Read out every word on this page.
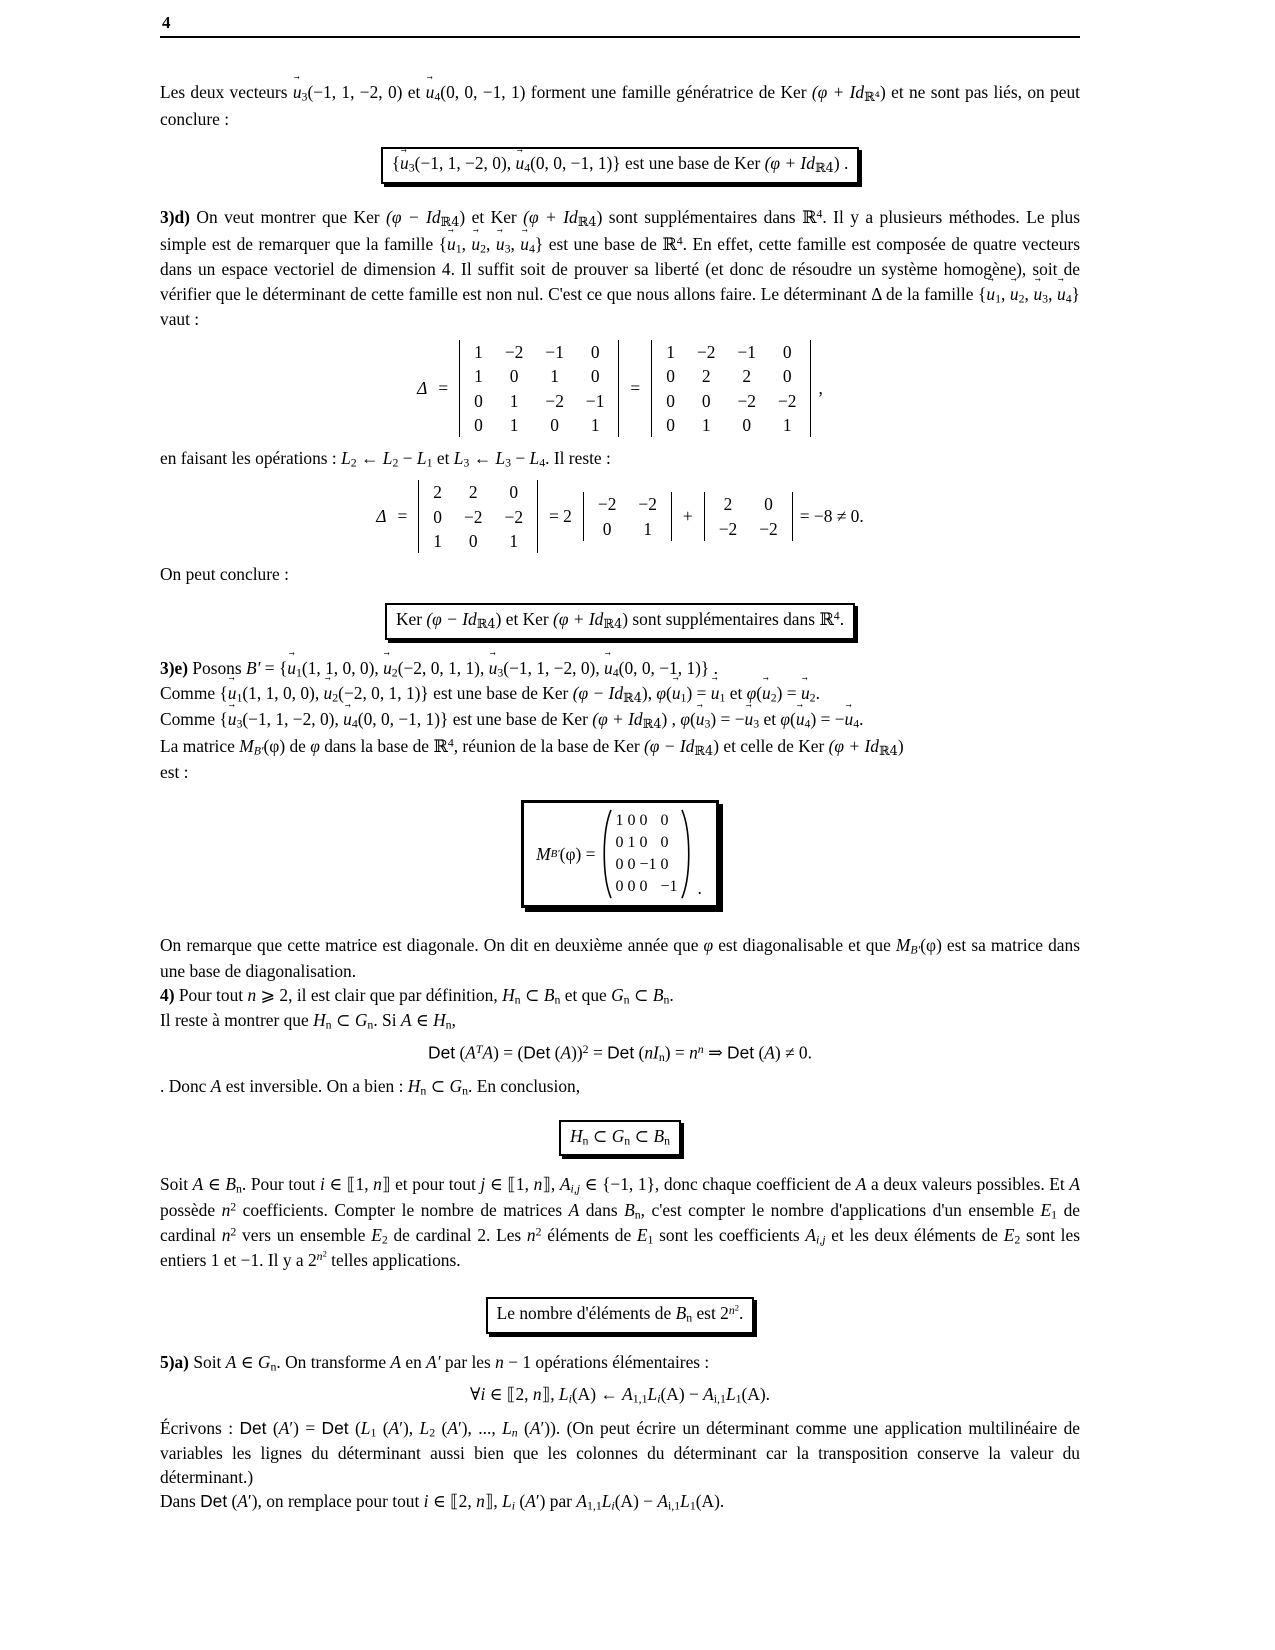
4

Les deux vecteurs → $u_3(-1$, 1, −2, 0) et → $u_4(0$, 0, −1, 1) forment une famille génératrice de Ker $(\varphi + Id_{ℝ^4})$ et ne sont pas liés, on peut conclure :

{→ $u_3(-1$, 1, −2, 0), → $u_4(0$, 0, −1, 1)} est une base de Ker $(\varphi + Id_{ℝ4})$ .

3)d) On veut montrer que Ker $(\varphi - Id_{ℝ4})$ et Ker $(\varphi + Id_{ℝ4})$ sont supplémentaires dans ℝ$^4$. Il y a plusieurs méthodes. Le plus simple est de remarquer que la famille {→ $u_1$, → $u_2$, → $u_3$, → $u_4$} est une base de ℝ$^4$. En effet, cette famille est composée de quatre vecteurs dans un espace vectoriel de dimension 4. Il suffit soit de prouver sa liberté (et donc de résoudre un système homogène), soit de vérifier que le déterminant de cette famille est non nul. C'est ce que nous allons faire. Le déterminant Δ de la famille {→ $u_1$, → $u_2$, → $u_3$, → $u_4$} vaut :

Δ =
1	−2	−1	0
1	0	1	0
0	1	−2	−1
0	1	0	1
=
1	−2	−1	0
0	2	2	0
0	0	−2	−2
0	1	0	1
,

en faisant les opérations : $L_2$ ← $L_2 - L_1$ et $L_3$ ← $L_3 - L_4$. Il reste :

Δ =
2	2	0
0	−2	−2
1	0	1
= 2
−2	−2
0	1
+
2	0
−2	−2
= −8 ≠ 0.

On peut conclure :

Ker $(\varphi - Id_{ℝ4})$ et Ker $(\varphi + Id_{ℝ4})$ sont supplémentaires dans ℝ$^4$.

3)e) Posons B′ = {→ $u_1(1$, 1, 0, 0), → $u_2(-2$, 0, 1, 1), → $u_3(-1$, 1, −2, 0), → $u_4(0$, 0, −1, 1)} .

Comme {→ $u_1(1$, 1, 0, 0), → $u_2(-2$, 0, 1, 1)} est une base de Ker $(\varphi - Id_{ℝ4})$, $\varphi(\to u_1)$ = → $u_1$ et $\varphi(\to u_2)$ = → $u_2$.

Comme {→ $u_3(-1$, 1, −2, 0), → $u_4(0$, 0, −1, 1)} est une base de Ker $(\varphi + Id_{ℝ4})$ , $\varphi(\to u_3)$ = −→ $u_3$ et $\varphi(\to u_4)$ = −→ $u_4$.

La matrice $M_{B'}(\varphi)$ de φ dans la base de ℝ$^4$, réunion de la base de Ker $(\varphi - Id_{ℝ4})$ et celle de Ker $(\varphi + Id_{ℝ4})$

est :

M B′ (φ) =
1	0	0	0
0	1	0	0
0	0	−1	0
0	0	0	−1 .

On remarque que cette matrice est diagonale. On dit en deuxième année que φ est diagonalisable et que $M_{B'}(\varphi)$ est sa matrice dans une base de diagonalisation.

4) Pour tout n ⩾ 2, il est clair que par définition, $H_n$ ⊂ $B_n$ et que $G_n$ ⊂ $B_n$.

Il reste à montrer que $H_n$ ⊂ $G_n$. Si A ∈ $H_n$,

Det $(A^TA) = (Det$ (A))$^2$ = Det $(nI_n) = n^n$ ⇒ Det (A) ≠ 0.

. Donc A est inversible. On a bien : $H_n$ ⊂ $G_n$. En conclusion,

$H_n$ ⊂ $G_n$ ⊂ $B_n$

Soit A ∈ $B_n$. Pour tout i ∈ ⟦1, n⟧ et pour tout j ∈ ⟦1, n⟧, $A_{i,j}$ ∈ {−1, 1}, donc chaque coefficient de A a deux valeurs possibles. Et A possède $n^2$ coefficients. Compter le nombre de matrices A dans $B_n$, c'est compter le nombre d'applications d'un ensemble $E_1$ de cardinal $n^2$ vers un ensemble $E_2$ de cardinal 2. Les $n^2$ éléments de $E_1$ sont les coefficients $A_{i,j}$ et les deux éléments de $E_2$ sont les entiers 1 et −1. Il y a $2^{n^2}$ telles applications.

Le nombre d'éléments de $B_n$ est $2^{n^2}$.

5)a) Soit A ∈ $G_n$. On transforme A en A′ par les n − 1 opérations élémentaires :

∀i ∈ ⟦2, n⟧, $L_i(A)$ ← $A_{1,1}L_i(A) - A_{i,1}L_1(A)$.

Écrivons : Det (A′) = Det ($L_1$ (A′), $L_2$ (A′), ..., $L_n$ (A′)). (On peut écrire un déterminant comme une application multilinéaire de variables les lignes du déterminant aussi bien que les colonnes du déterminant car la transposition conserve la valeur du déterminant.)

Dans Det (A′), on remplace pour tout i ∈ ⟦2, n⟧, $L_i$ (A′) par $A_{1,1}L_i(A) - A_{i,1}L_1(A)$.
